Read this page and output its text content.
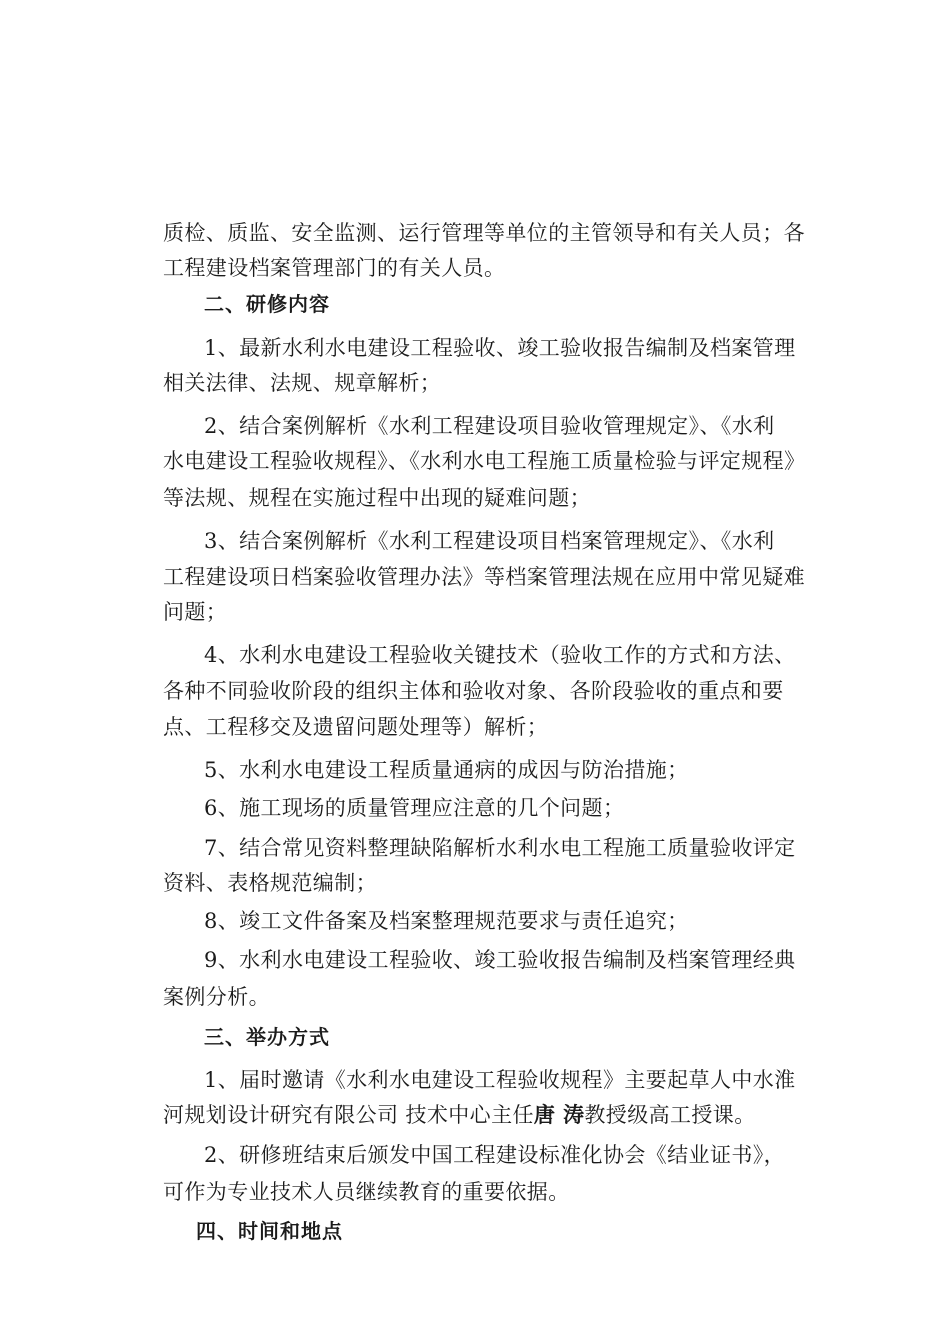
质检、质监、安全监测、运行管理等单位的主管领导和有关人员；各
工程建设档案管理部门的有关人员。
二、研修内容
1、最新水利水电建设工程验收、竣工验收报告编制及档案管理
相关法律、法规、规章解析；
2、结合案例解析《水利工程建设项目验收管理规定》、《水利
水电建设工程验收规程》、《水利水电工程施工质量检验与评定规程》
等法规、规程在实施过程中出现的疑难问题；
3、结合案例解析《水利工程建设项目档案管理规定》、《水利
工程建设项日档案验收管理办法》等档案管理法规在应用中常见疑难
问题；
4、水利水电建设工程验收关键技术（验收工作的方式和方法、
各种不同验收阶段的组织主体和验收对象、各阶段验收的重点和要
点、工程移交及遗留问题处理等）解析；
5、水利水电建设工程质量通病的成因与防治措施；
6、施工现场的质量管理应注意的几个问题；
7、结合常见资料整理缺陷解析水利水电工程施工质量验收评定
资料、表格规范编制；
8、竣工文件备案及档案整理规范要求与责任追究；
9、水利水电建设工程验收、竣工验收报告编制及档案管理经典
案例分析。
三、举办方式
1、届时邀请《水利水电建设工程验收规程》主要起草人中水淮
河规划设计研究有限公司 技术中心主任唐 涛教授级高工授课。
2、研修班结束后颁发中国工程建设标准化协会《结业证书》，
可作为专业技术人员继续教育的重要依据。
四、时间和地点
